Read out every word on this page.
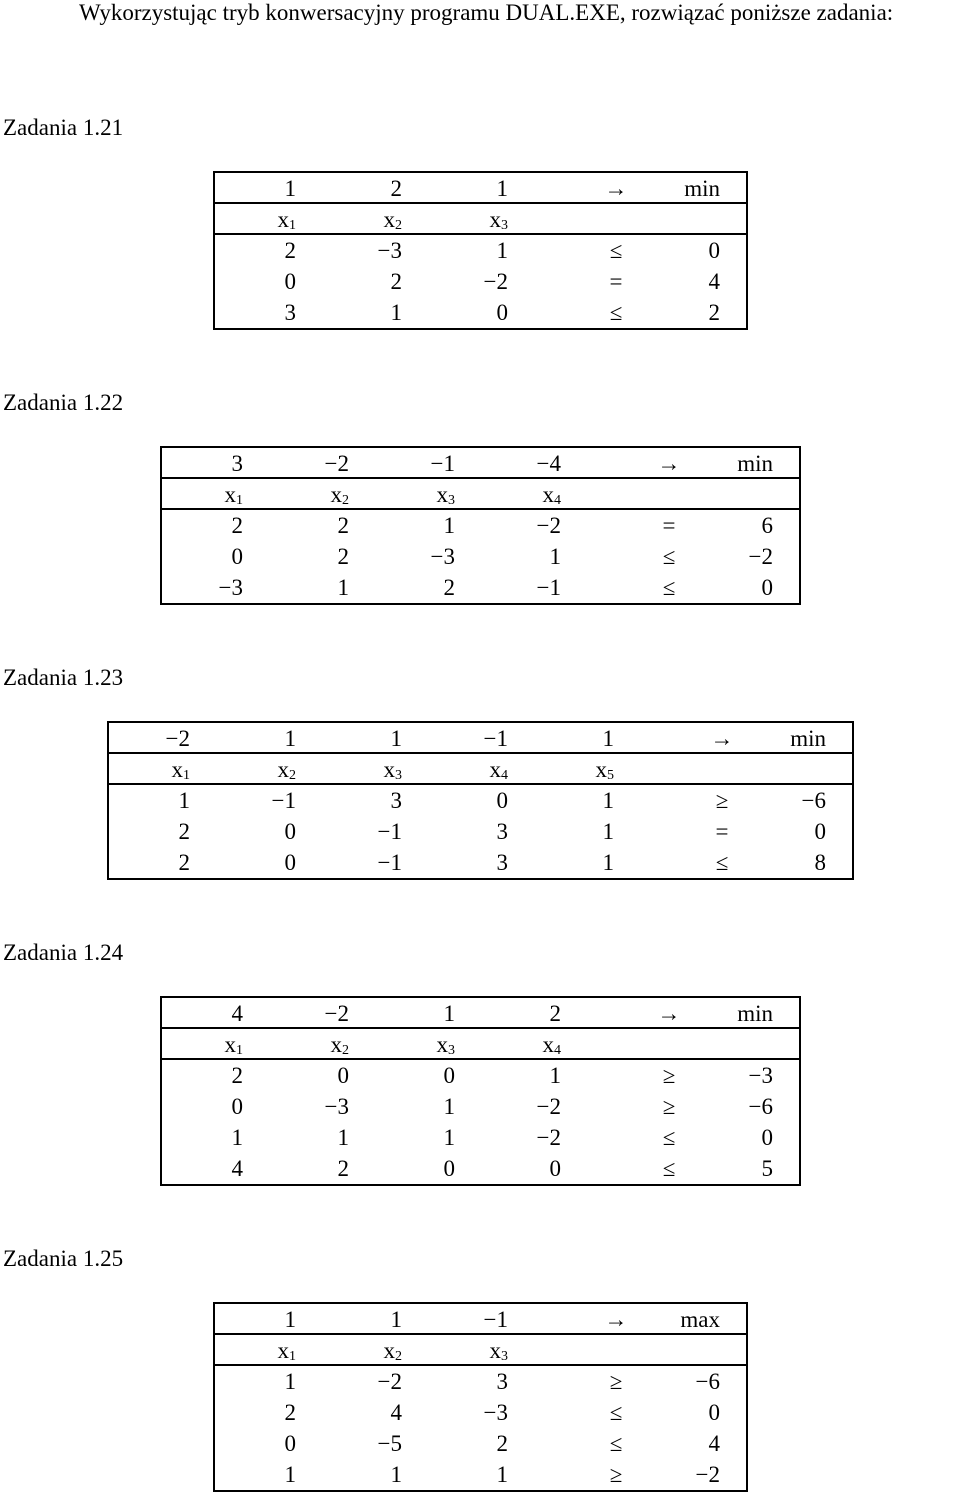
Wykorzystując tryb konwersacyjny programu DUAL.EXE, rozwiązać poniższe zadania:

Zadania 1.21

1	2	1	→	min
$x_1$	$x_2$	$x_3$
2	−3	1	≤	0
0	2	−2	=	4
3	1	0	≤	2

Zadania 1.22

3	−2	−1	−4	→	min
$x_1$	$x_2$	$x_3$	$x_4$
2	2	1	−2	=	6
0	2	−3	1	≤	−2
−3	1	2	−1	≤	0

Zadania 1.23

−2	1	1	−1	1	→	min
$x_1$	$x_2$	$x_3$	$x_4$	$x_5$
1	−1	3	0	1	≥	−6
2	0	−1	3	1	=	0
2	0	−1	3	1	≤	8

Zadania 1.24

4	−2	1	2	→	min
$x_1$	$x_2$	$x_3$	$x_4$
2	0	0	1	≥	−3
0	−3	1	−2	≥	−6
1	1	1	−2	≤	0
4	2	0	0	≤	5

Zadania 1.25

1	1	−1	→	max
$x_1$	$x_2$	$x_3$
1	−2	3	≥	−6
2	4	−3	≤	0
0	−5	2	≤	4
1	1	1	≥	−2
